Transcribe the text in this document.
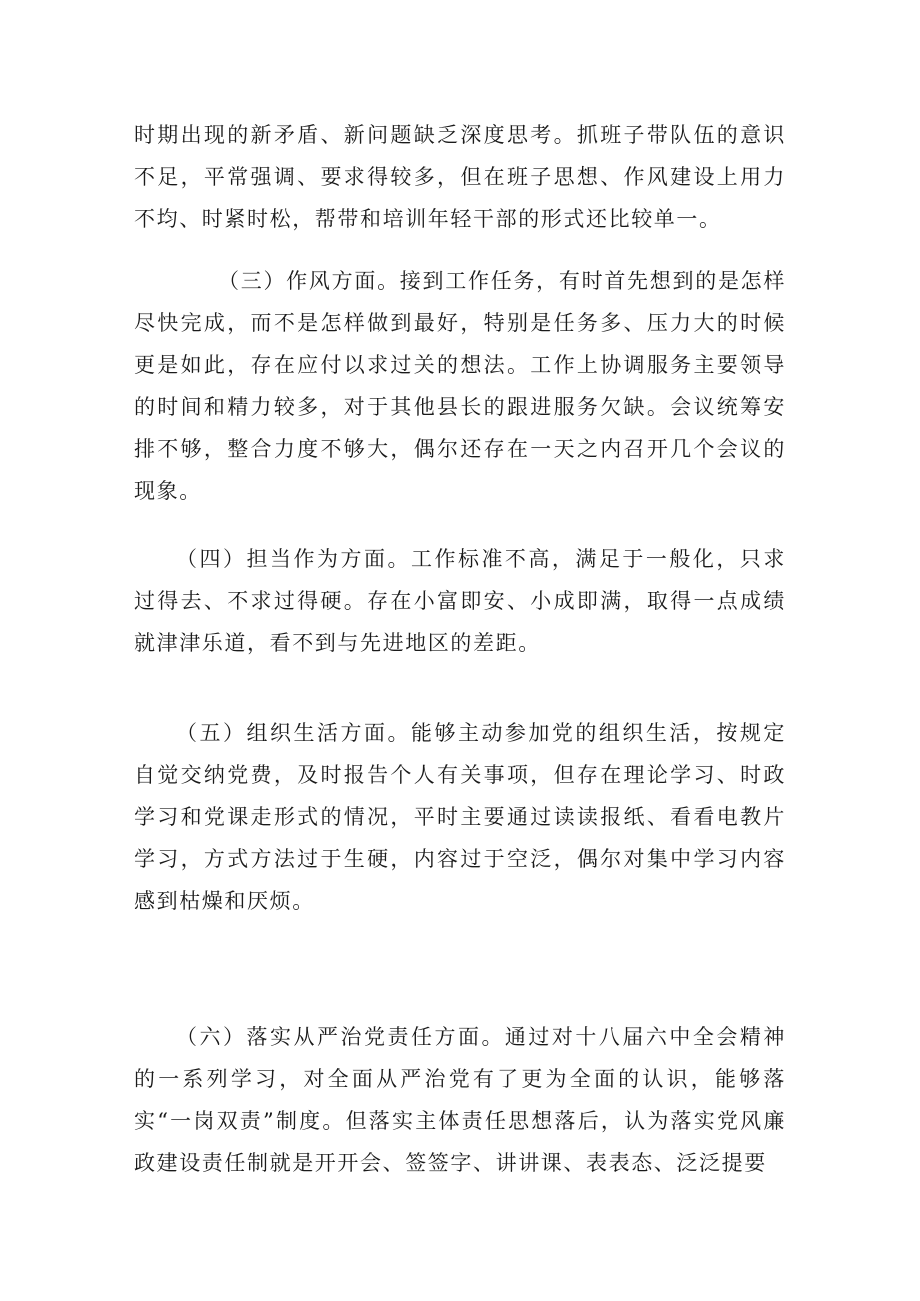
时期出现的新矛盾、新问题缺乏深度思考。抓班子带队伍的意识不足，平常强调、要求得较多，但在班子思想、作风建设上用力不均、时紧时松，帮带和培训年轻干部的形式还比较单一。

（三）作风方面。接到工作任务，有时首先想到的是怎样尽快完成，而不是怎样做到最好，特别是任务多、压力大的时候更是如此，存在应付以求过关的想法。工作上协调服务主要领导的时间和精力较多，对于其他县长的跟进服务欠缺。会议统筹安排不够，整合力度不够大，偶尔还存在一天之内召开几个会议的现象。

（四）担当作为方面。工作标准不高，满足于一般化，只求过得去、不求过得硬。存在小富即安、小成即满，取得一点成绩就津津乐道，看不到与先进地区的差距。

（五）组织生活方面。能够主动参加党的组织生活，按规定自觉交纳党费，及时报告个人有关事项，但存在理论学习、时政学习和党课走形式的情况，平时主要通过读读报纸、看看电教片学习，方式方法过于生硬，内容过于空泛，偶尔对集中学习内容感到枯燥和厌烦。

（六）落实从严治党责任方面。通过对十八届六中全会精神的一系列学习，对全面从严治党有了更为全面的认识，能够落实“一岗双责”制度。但落实主体责任思想落后，认为落实党风廉政建设责任制就是开开会、签签字、讲讲课、表表态、泛泛提要
